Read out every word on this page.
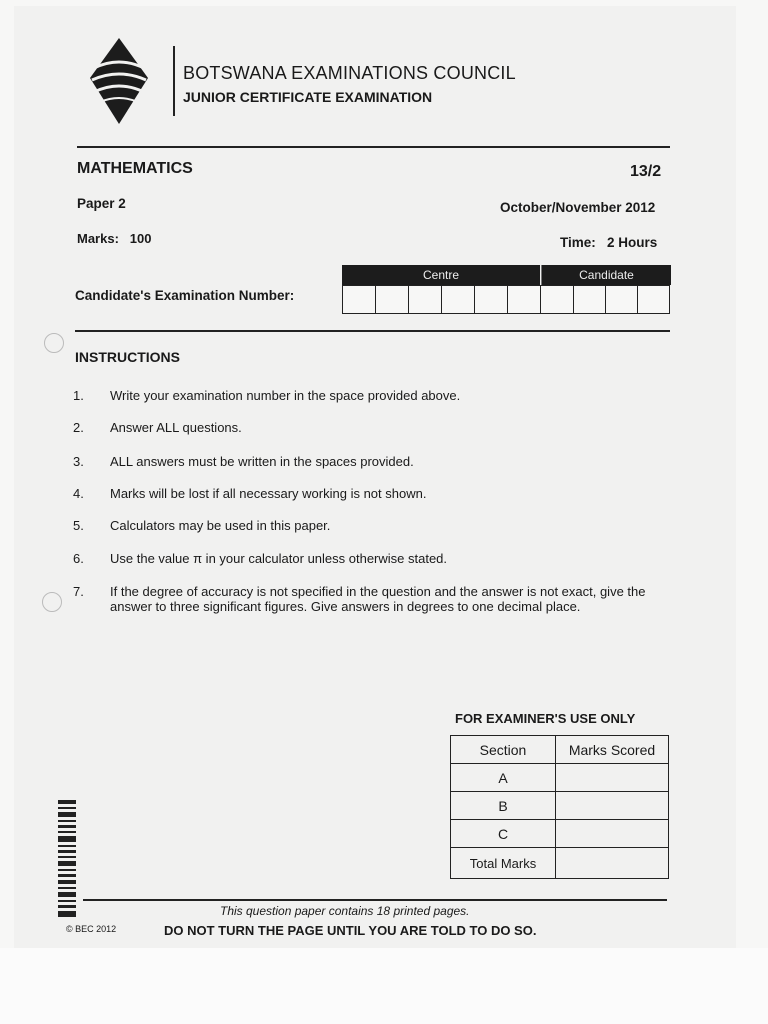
BOTSWANA EXAMINATIONS COUNCIL
JUNIOR CERTIFICATE EXAMINATION
MATHEMATICS	13/2
Paper 2	October/November 2012
Marks:   100	Time:   2 Hours
Candidate's Examination Number:
Centre	Candidate
INSTRUCTIONS
1.	Write your examination number in the space provided above.
2.	Answer ALL questions.
3.	ALL answers must be written in the spaces provided.
4.	Marks will be lost if all necessary working is not shown.
5.	Calculators may be used in this paper.
6.	Use the value π in your calculator unless otherwise stated.
7.	If the degree of accuracy is not specified in the question and the answer is not exact, give the answer to three significant figures. Give answers in degrees to one decimal place.
FOR EXAMINER'S USE ONLY
Section	Marks Scored
A	
B	
C	
Total Marks	
This question paper contains 18 printed pages.
© BEC 2012	DO NOT TURN THE PAGE UNTIL YOU ARE TOLD TO DO SO.
